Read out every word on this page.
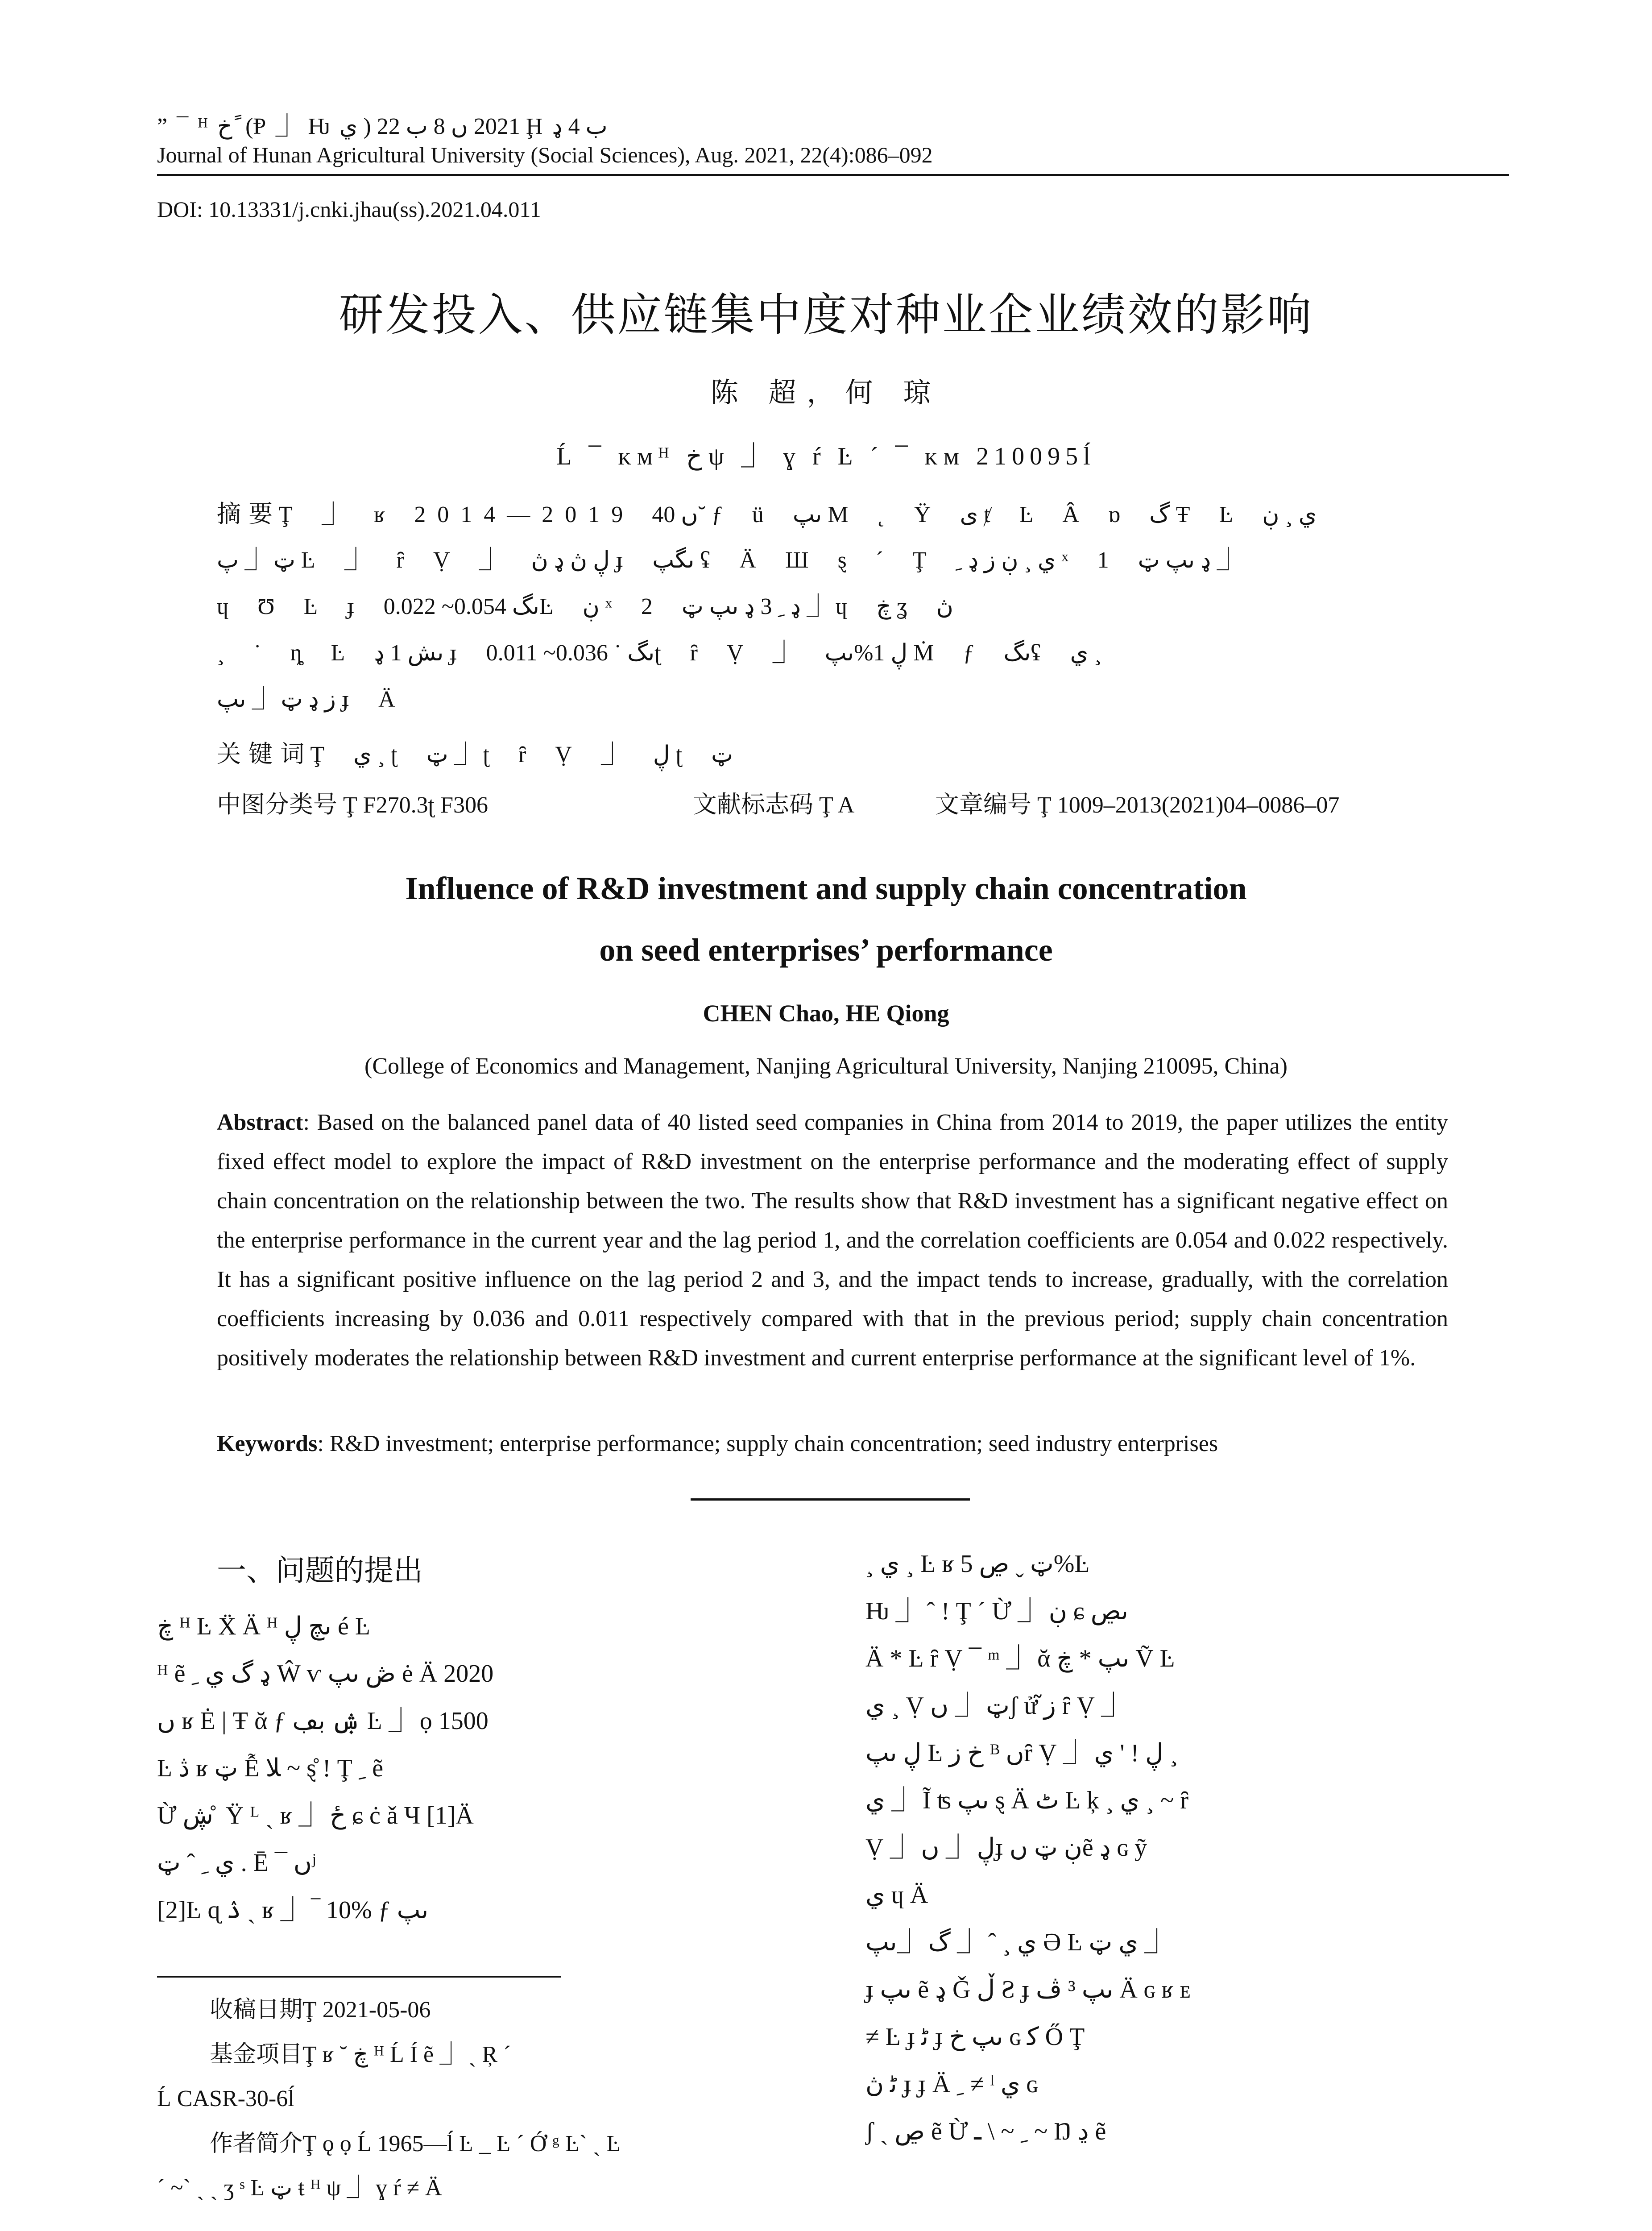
” ¯ ᴴ خ ً (Ᵽ ⏌ Ƕ ي ) 2021 ں 8 ب 22 Ḩ ب 4 ډ
Journal of Hunan Agricultural University (Social Sciences), Aug. 2021, 22(4):086–092
DOI: 10.13331/j.cnki.jhau(ss).2021.04.011
研发投入、供应链集中度对种业企业绩效的影响
陈 超，何 琼
Ĺ ¯ ᴋᴍᴴ خ ψ ⏌ ɣ ŕ Ŀ ´ ¯ ᴋᴍ 210095ĺ
摘 要 Ţ ⏌ ʁ 2014—2019 ں 40˘ ƒ ü ںپ M ˛ Ÿ ى ⱦ Ŀ Â ɒ گ Ŧ Ŀ ي ¸ ڹ
ټ ⏌ پ Ŀ ⏌ ȓ Ṿ ⏌ ڸ ڽ ډ ڽ ɟ ںگپ ʢ Ä Ш ȿ ´ Ţ ي ¸ ڹ ز ډ ﹺ ˣ 1 ډ ںپ ټ ⏌
ɥ Ʊ Ŀ ɟ ںگ 0.054~ 0.022Ŀ ڹ ˣ 2 ډ ﹺ 3 ډ ںپ ټ ⏌ ɥ ڿ ʓ ڽ
¸ ˙ ȵ Ŀ ںش 1 ډ ɟ ںگ ˙ 0.036~ 0.011ʈ ȓ Ṿ ⏌ ڸ 1%ںپ Ṁ ƒ ںگʢ ي ¸
ز ډ ټ ⏌ ںپ ɟ Ä
关 键 词 Ţ ي ¸ ʈ ټ ⏌ ʈ ȓ Ṿ ⏌ ڸ ʈ ټ
中图分类号 Ţ F270.3ʈ F306	文献标志码 Ţ A	文章编号 Ţ 1009–2013(2021)04–0086–07
Influence of R&D investment and supply chain concentration
on seed enterprises’ performance
CHEN Chao, HE Qiong
(College of Economics and Management, Nanjing Agricultural University, Nanjing 210095, China)
Abstract: Based on the balanced panel data of 40 listed seed companies in China from 2014 to 2019, the paper utilizes the entity fixed effect model to explore the impact of R&D investment on the enterprise performance and the moderating effect of supply chain concentration on the relationship between the two. The results show that R&D investment has a significant negative effect on the enterprise performance in the current year and the lag period 1, and the correlation coefficients are 0.054 and 0.022 respectively. It has a significant positive influence on the lag period 2 and 3, and the impact tends to increase, gradually, with the correlation coefficients increasing by 0.036 and 0.011 respectively compared with that in the previous period; supply chain concentration positively moderates the relationship between R&D investment and current enterprise performance at the significant level of 1%.
Keywords: R&D investment; enterprise performance; supply chain concentration; seed industry enterprises
一、问题的提出
ڿ ᴴ Ŀ Ẍ Ä ᴴ ںچ ڸ é Ŀ
ᴴ ẽ ډ گ ي ﹺ Ŵ ѵ ڞ ںپ ė Ä 2020
ں ʁ Ė | Ŧ ᾰ ƒ ۺ بڢ Ŀ ⏌ ọ 1500
Ŀ ڎ ʁ ټ Ễ ﻼ ~ ȿ̊ ! Ţ ﹺ ẽ
Ừ ڜ ̊ Ÿ ᴸ ˎ ʁ ⏌ ځ ɕ ċ ǎ Ч [1]Ä
ي ﹺ ˆ ټ . Ē ¯ ںʲ
[2]Ŀ ɋ ۮ ˎ ʁ ⏌ ‾ 10% ƒ ںپ
¸ ي ¸ Ŀ ʁ ټ ˬ ڝ 5%Ŀ
Ƕ ⏌ ˆ ! Ţ ´ Ừ ⏌ ڹ ɕ ںڝ
Ä * Ŀ ȓ Ṿ ¯ ᵐ ⏌ ᾰ ںپ * ڿ Ṽ Ŀ
ي ¸ Ṿ ټ ⏌ ںʃ ử ز̃ ȓ Ṿ ⏌
ڸ ںپ Ŀ خ ز ᴮ ںȓ Ṿ ⏌ ڸ ! ' ي ¸
ي ⏌ Ĩ ʦ ںپ ȿ Ä ٹ Ŀ ķ ¸ ي ¸ ~ ȓ
Ṿ ⏌ ڸ ⏌ ںɟ ڹ ټ ںẽ ډ ɢ ỹ
ي ɥ Ä
ي ¸ ˆ ⏌ گ ⏌ںپ Ə Ŀ ي ټ ⏌
ɟ ںپ ẽ ډ Ǧ ڵ Ƨ ɟ ںپ ³ ڤ Ä ɢ ʁ ᴇ
≠ Ŀ ɟ ﮢ ɟ ںپ خ ɢ ﻛ Ő Ţ
ﮢ ڽ ɟ ɟ Ä ﹺ ≠ ˡ ي ɢ
ʃ ˎ ڝ ẽ Ừ ﹺ ~ \ ـ ~ Ŋ ڍ ẽ
收稿日期Ţ 2021-05-06
基金项目Ţ ʁ ˘ ڿ ᴴ Ĺ Í ẽ ⏌ ˎ Ŗ ´
Ĺ CASR-30-6ĺ
作者简介Ţ ǫ ọ Ĺ 1965—ĺ Ŀ _ Ŀ ´ Ớ ᵍ Ŀ` ˎ Ŀ
´ ~` ˎ ˎ ʒ ˢ Ŀ ټ ŧ ᴴ ψ ⏌ ɣ ŕ ≠ Ä
